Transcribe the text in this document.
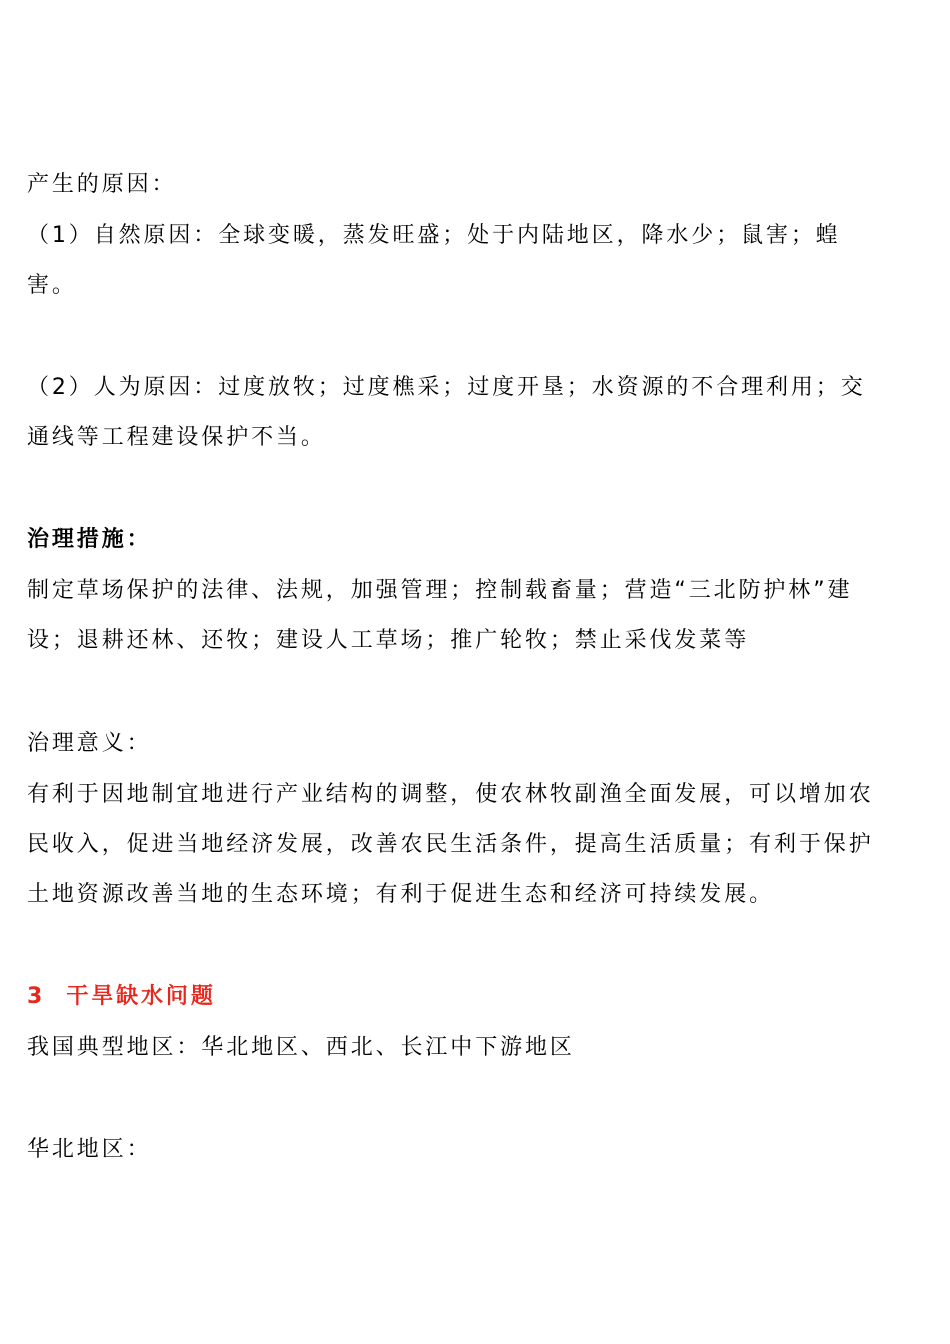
产生的原因：
（1）自然原因：全球变暖，蒸发旺盛；处于内陆地区，降水少；鼠害；蝗
害。
（2）人为原因：过度放牧；过度樵采；过度开垦；水资源的不合理利用；交
通线等工程建设保护不当。
治理措施：
制定草场保护的法律、法规，加强管理；控制载畜量；营造“三北防护林”建
设；退耕还林、还牧；建设人工草场；推广轮牧；禁止采伐发菜等
治理意义：
有利于因地制宜地进行产业结构的调整，使农林牧副渔全面发展，可以增加农
民收入，促进当地经济发展，改善农民生活条件，提高生活质量；有利于保护
土地资源改善当地的生态环境；有利于促进生态和经济可持续发展。
3  干旱缺水问题
我国典型地区：华北地区、西北、长江中下游地区
华北地区：
